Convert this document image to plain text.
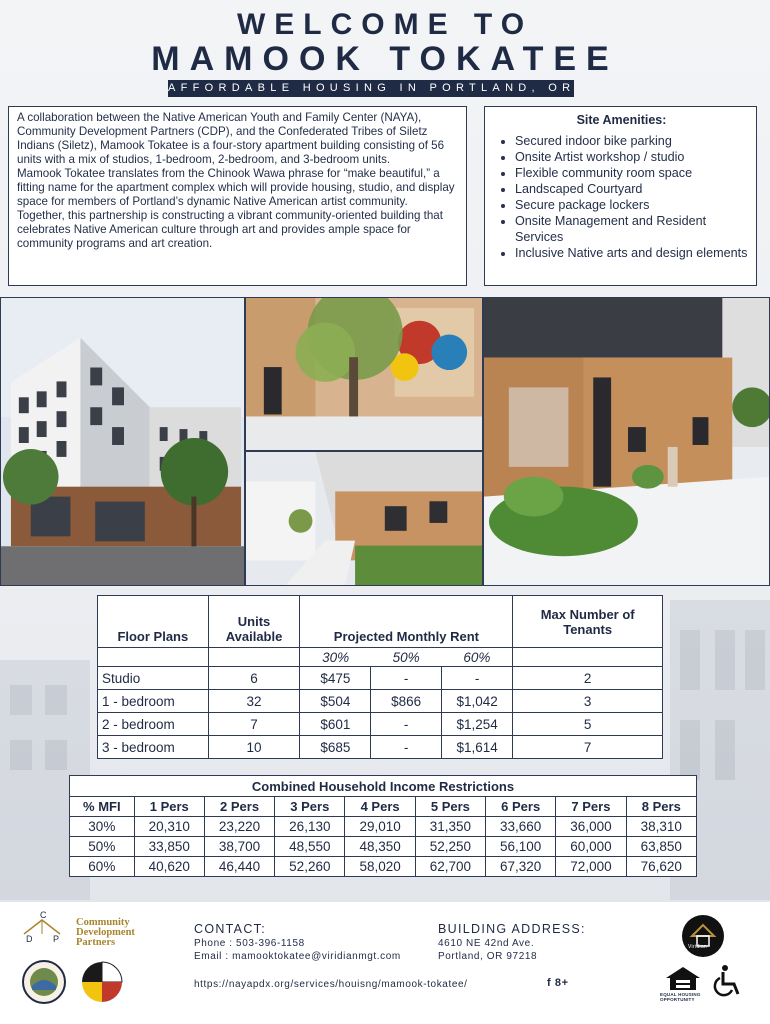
WELCOME TO
MAMOOK TOKATEE
AFFORDABLE HOUSING IN PORTLAND, OR

A collaboration between the Native American Youth and Family Center (NAYA), Community Development Partners (CDP), and the Confederated Tribes of Siletz Indians (Siletz), Mamook Tokatee is a four-story apartment building consisting of 56 units with a mix of studios, 1-bedroom, 2-bedroom, and 3-bedroom units.

Mamook Tokatee translates from the Chinook Wawa phrase for “make beautiful,” a fitting name for the apartment complex which will provide housing, studio, and display space for members of Portland’s dynamic Native American artist community. Together, this partnership is constructing a vibrant community-oriented building that celebrates Native American culture through art and provides ample space for community programs and art creation.

Site Amenities:
• Secured indoor bike parking
• Onsite Artist workshop / studio
• Flexible community room space
• Landscaped Courtyard
• Secure package lockers
• Onsite Management and Resident Services
• Inclusive Native arts and design elements
Floor Plans	Units Available	Projected Monthly Rent			Max Number of Tenants
		30%	50%	60%	
Studio	6	$475	-	-	2
1 - bedroom	32	$504	$866	$1,042	3
2 - bedroom	7	$601	-	$1,254	5
3 - bedroom	10	$685	-	$1,614	7
Combined Household Income Restrictions								
% MFI	1 Pers	2 Pers	3 Pers	4 Pers	5 Pers	6 Pers	7 Pers	8 Pers
30%	20,310	23,220	26,130	29,010	31,350	33,660	36,000	38,310
50%	33,850	38,700	48,550	48,350	52,250	56,100	60,000	63,850
60%	40,620	46,440	52,260	58,020	62,700	67,320	72,000	76,620
C
D P
Community
Development
Partners
CONTACT:
Phone : 503-396-1158
Email : mamooktokatee@viridianmgt.com
BUILDING ADDRESS:
4610 NE 42nd Ave.
Portland, OR 97218
https://nayapdx.org/services/houisng/mamook-tokatee/	f 8+
Viridian
EQUAL HOUSING OPPORTUNITY
